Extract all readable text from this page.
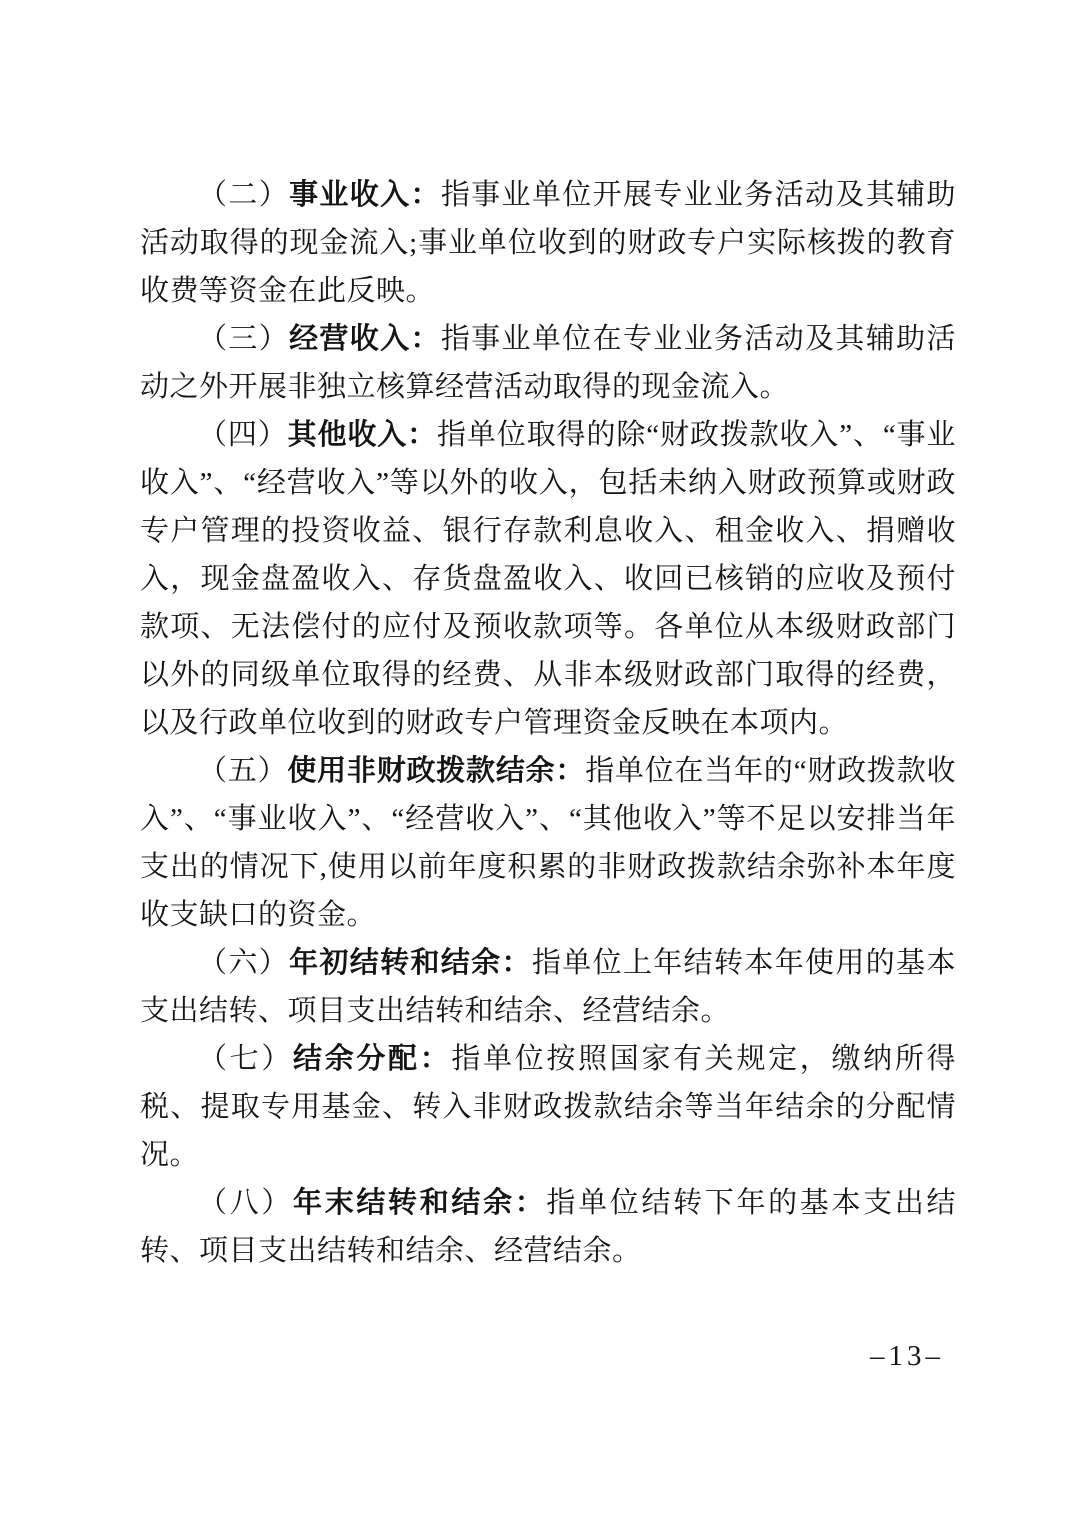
（二）事业收入：指事业单位开展专业业务活动及其辅助活动取得的现金流入;事业单位收到的财政专户实际核拨的教育收费等资金在此反映。

（三）经营收入：指事业单位在专业业务活动及其辅助活动之外开展非独立核算经营活动取得的现金流入。

（四）其他收入：指单位取得的除“财政拨款收入”、“事业收入”、“经营收入”等以外的收入，包括未纳入财政预算或财政专户管理的投资收益、银行存款利息收入、租金收入、捐赠收入，现金盘盈收入、存货盘盈收入、收回已核销的应收及预付款项、无法偿付的应付及预收款项等。各单位从本级财政部门以外的同级单位取得的经费、从非本级财政部门取得的经费，以及行政单位收到的财政专户管理资金反映在本项内。

（五）使用非财政拨款结余：指单位在当年的“财政拨款收入”、“事业收入”、“经营收入”、“其他收入”等不足以安排当年支出的情况下,使用以前年度积累的非财政拨款结余弥补本年度收支缺口的资金。

（六）年初结转和结余：指单位上年结转本年使用的基本支出结转、项目支出结转和结余、经营结余。

（七）结余分配：指单位按照国家有关规定，缴纳所得税、提取专用基金、转入非财政拨款结余等当年结余的分配情况。

（八）年末结转和结余：指单位结转下年的基本支出结转、项目支出结转和结余、经营结余。

–13–
